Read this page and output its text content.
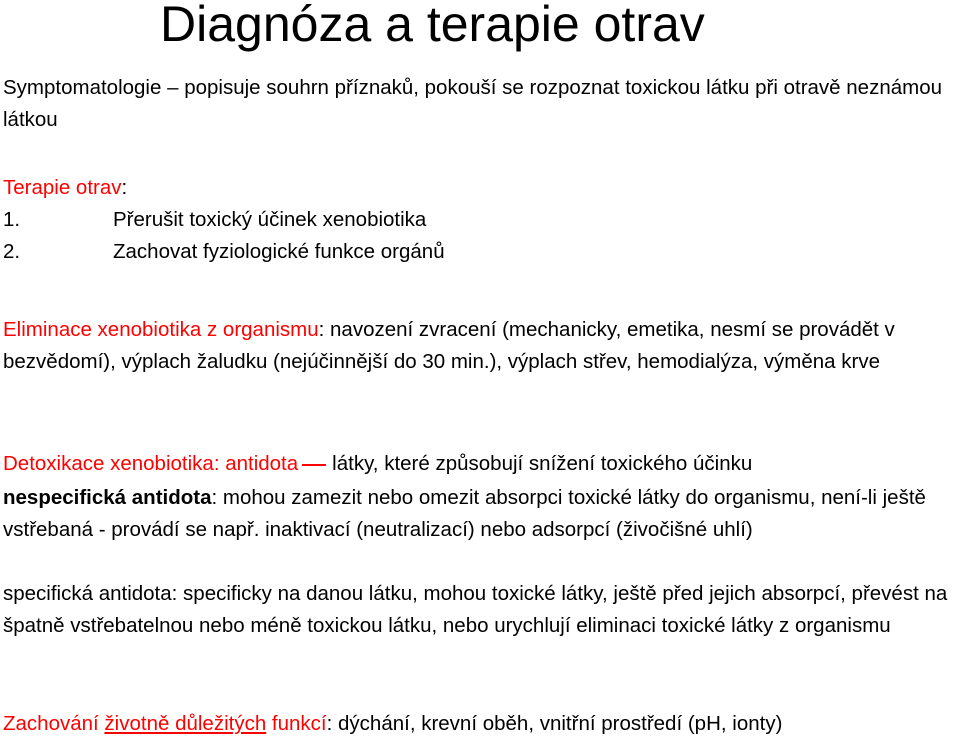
Diagnóza a terapie otrav

Symptomatologie – popisuje souhrn příznaků, pokouší se rozpoznat toxickou látku při otravě neznámou látkou

Terapie otrav:
1.	Přerušit toxický účinek xenobiotika
2.	Zachovat fyziologické funkce orgánů

Eliminace xenobiotika z organismu: navození zvracení (mechanicky, emetika, nesmí se provádět v bezvědomí), výplach žaludku (nejúčinnější do 30 min.), výplach střev, hemodialýza, výměna krve

Detoxikace xenobiotika: antidota látky, které způsobují snížení toxického účinku

nespecifická antidota: mohou zamezit nebo omezit absorpci toxické látky do organismu, není-li ještě vstřebaná - provádí se např. inaktivací (neutralizací) nebo adsorpcí (živočišné uhlí)

specifická antidota: specificky na danou látku, mohou toxické látky, ještě před jejich absorpcí, převést na špatně vstřebatelnou nebo méně toxickou látku, nebo urychlují eliminaci toxické látky z organismu

Zachování životně důležitých funkcí: dýchání, krevní oběh, vnitřní prostředí (pH, ionty)
